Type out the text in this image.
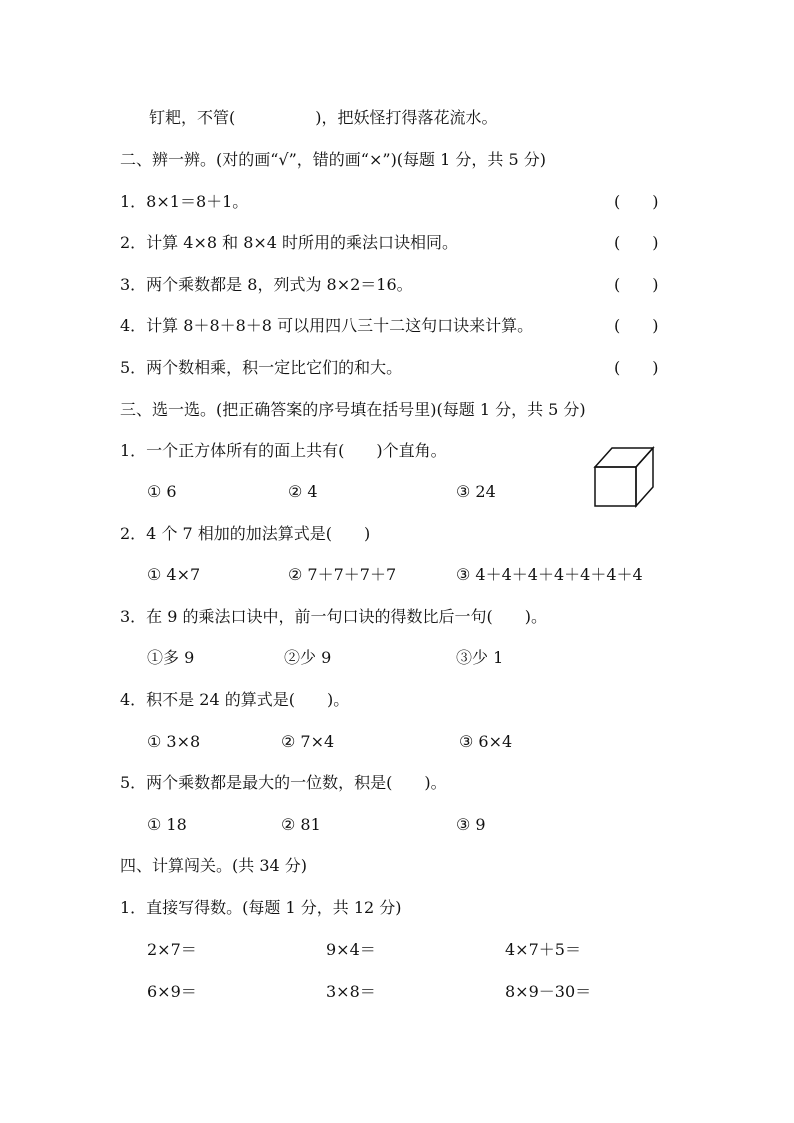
钉耙，不管(　　　　　)，把妖怪打得落花流水。
二、辨一辨。(对的画“√”，错的画“×”)(每题 1 分，共 5 分)
1．8×1＝8＋1。	(　　)
2．计算 4×8 和 8×4 时所用的乘法口诀相同。	(　　)
3．两个乘数都是 8，列式为 8×2＝16。	(　　)
4．计算 8＋8＋8＋8 可以用四八三十二这句口诀来计算。	(　　)
5．两个数相乘，积一定比它们的和大。	(　　)
三、选一选。(把正确答案的序号填在括号里)(每题 1 分，共 5 分)
1．一个正方体所有的面上共有(　　)个直角。
① 6	② 4	③ 24
2．4 个 7 相加的加法算式是(　　)
① 4×7	② 7＋7＋7＋7	③ 4＋4＋4＋4＋4＋4＋4
3．在 9 的乘法口诀中，前一句口诀的得数比后一句(　　)。
①多 9	②少 9	③少 1
4．积不是 24 的算式是(　　)。
① 3×8	② 7×4	③ 6×4
5．两个乘数都是最大的一位数，积是(　　)。
① 18	② 81	③ 9
四、计算闯关。(共 34 分)
1．直接写得数。(每题 1 分，共 12 分)
2×7＝	9×4＝	4×7＋5＝
6×9＝	3×8＝	8×9－30＝
